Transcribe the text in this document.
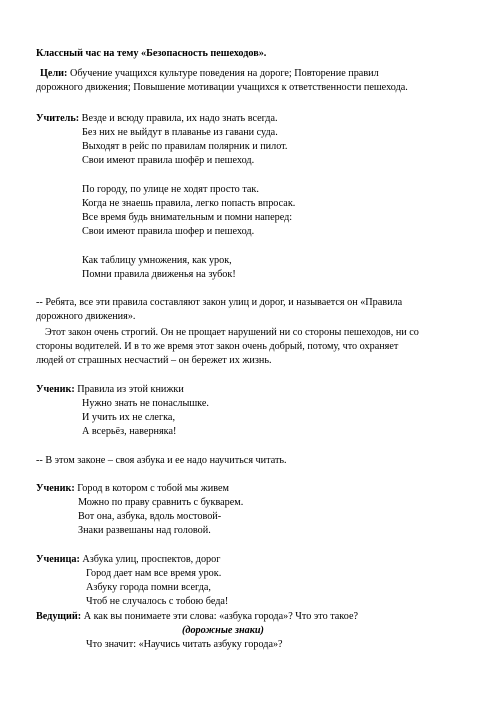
Классный час на тему «Безопасность пешеходов».
Цели: Обучение учащихся культуре поведения на дороге; Повторение правил
дорожного движения; Повышение мотивации учащихся к ответственности пешехода.
Учитель: Везде и всюду правила, их надо знать всегда.
Без них не выйдут в плаванье из гавани суда.
Выходят в рейс по правилам полярник и пилот.
Свои имеют правила шофёр и пешеход.
По городу, по улице не ходят просто так.
Когда не знаешь правила, легко попасть впросак.
Все время будь внимательным и помни наперед:
Свои имеют правила шофер и пешеход.
Как таблицу умножения, как урок,
Помни правила движенья на зубок!
-- Ребята, все эти правила составляют закон улиц и дорог, и называется он «Правила
дорожного движения».
Этот закон очень строгий. Он не прощает нарушений ни со стороны пешеходов, ни со
стороны водителей. И в то же время этот закон очень добрый, потому, что охраняет
людей от страшных несчастий – он бережет их жизнь.
Ученик: Правила из этой книжки
Нужно знать не понаслышке.
И учить их не слегка,
А всерьёз, наверняка!
-- В этом законе – своя азбука и ее надо научиться читать.
Ученик: Город в котором с тобой мы живем
Можно по праву сравнить с букварем.
Вот она, азбука, вдоль мостовой-
Знаки развешаны над головой.
Ученица: Азбука улиц, проспектов, дорог
Город дает нам все время урок.
Азбуку города помни всегда,
Чтоб не случалось с тобою беда!
Ведущий: А как вы понимаете эти слова: «азбука города»? Что это такое?
(дорожные знаки)
Что значит: «Научись читать азбуку города»?
